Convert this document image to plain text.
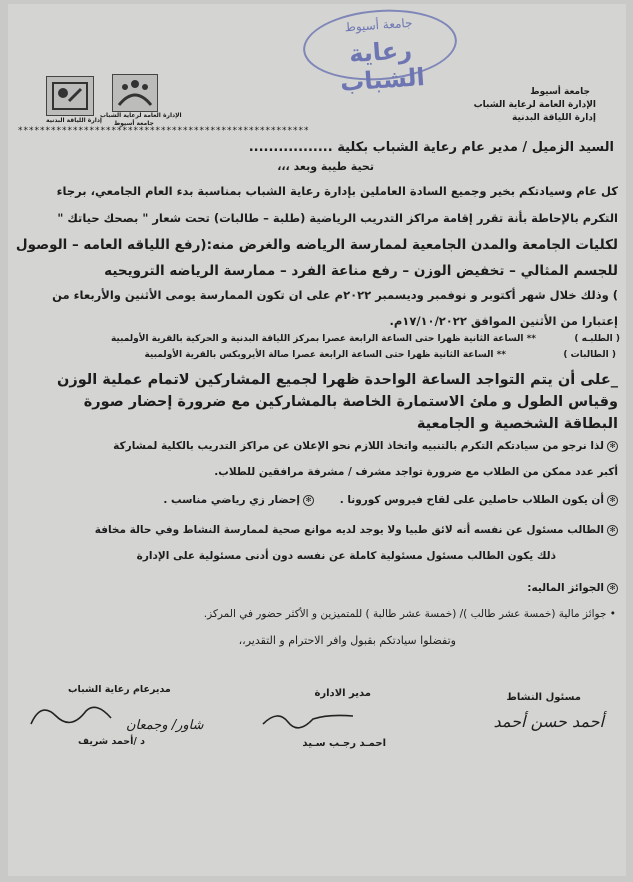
جامعة أسيوط
رعاية الشباب	جامعة أسيوط
الإدارة العامة لرعاية الشباب
إدارة اللياقة البدنية
الإدارة العامة لرعاية الشباب
جامعة أسيوط
إدارة اللياقة البدنية
*****************************************************
السيد الزميل / مدير عام رعاية الشباب بكلية .................
تحية طيبة وبعد ،،،
كل عام وسيادتكم بخير وجميع السادة العاملين بإدارة رعاية الشباب بمناسبة بدء العام الجامعي، برجاء
التكرم بالإحاطة بأنة تقرر إقامة مراكز التدريب الرياضية (طلبة – طالبات) تحت شعار " بصحك حياتك "
لكليات الجامعة والمدن الجامعية لممارسة الرياضه والغرض منه:(رفع اللياقه العامه – الوصول
للجسم المثالي – تخفيض الوزن – رفع مناعة الفرد – ممارسة الرياضه الترويحيه
) وذلك خلال شهر أكتوبر و نوفمبر وديسمبر ٢٠٢٢م على ان تكون الممارسة يومى الأثنين والأربعاء من
إعتبارا من الأثنين الموافق ١٧/١٠/٢٠٢٢م.
** الساعة الثانية ظهرا حتى الساعة الرابعة عصرا بمركز اللياقة البدنية و الحركية بالقرية الأولمبية	( الطلبـه )
** الساعة الثانية ظهرا حتى الساعة الرابعة عصرا صالة الأيروبكس بالقرية الأولمبية	( الطالبات )
_على أن يتم التواجد الساعة الواحدة ظهرا لجميع المشاركين لاتمام عملية الوزن
وقياس الطول و ملئ الاستمارة الخاصة بالمشاركين مع ضرورة إحضار صورة
البطاقة الشخصية و الجامعية
✻لذا نرجو من سيادتكم التكرم بالتنبيه واتخاذ اللازم نحو الإعلان عن مراكز التدريب بالكلية لمشاركة
أكبر عدد ممكن من الطلاب مع ضرورة تواجد مشرف / مشرفة مرافقين للطلاب.
✻أن يكون الطلاب حاصلين على لقاح فيروس كورونا .
✻إحضار زي رياضي مناسب .
✻الطالب مسئول عن نفسه أنه لائق طبيا ولا يوجد لديه موانع صحية لممارسة النشاط وفي حالة مخافة
ذلك يكون الطالب مسئول مسئولية كاملة عن نفسه دون أدنى مسئولية على الإدارة
✻الجوائز الماليه:
• جوائز مالية (خمسة عشر طالب )/ (خمسة عشر طالبة ) للمتميزين و الأكثر حضور في المركز.
وتفضلوا سيادتكم بقبول وافر الاحترام و التقدير،،
مسئول النشاط
أحمد حسن أحمد
مدير الادارة
احمـد رجـب سـيد
مديرعام رعاية الشباب
شاور/ وجمعان
د /أحمد شريف
